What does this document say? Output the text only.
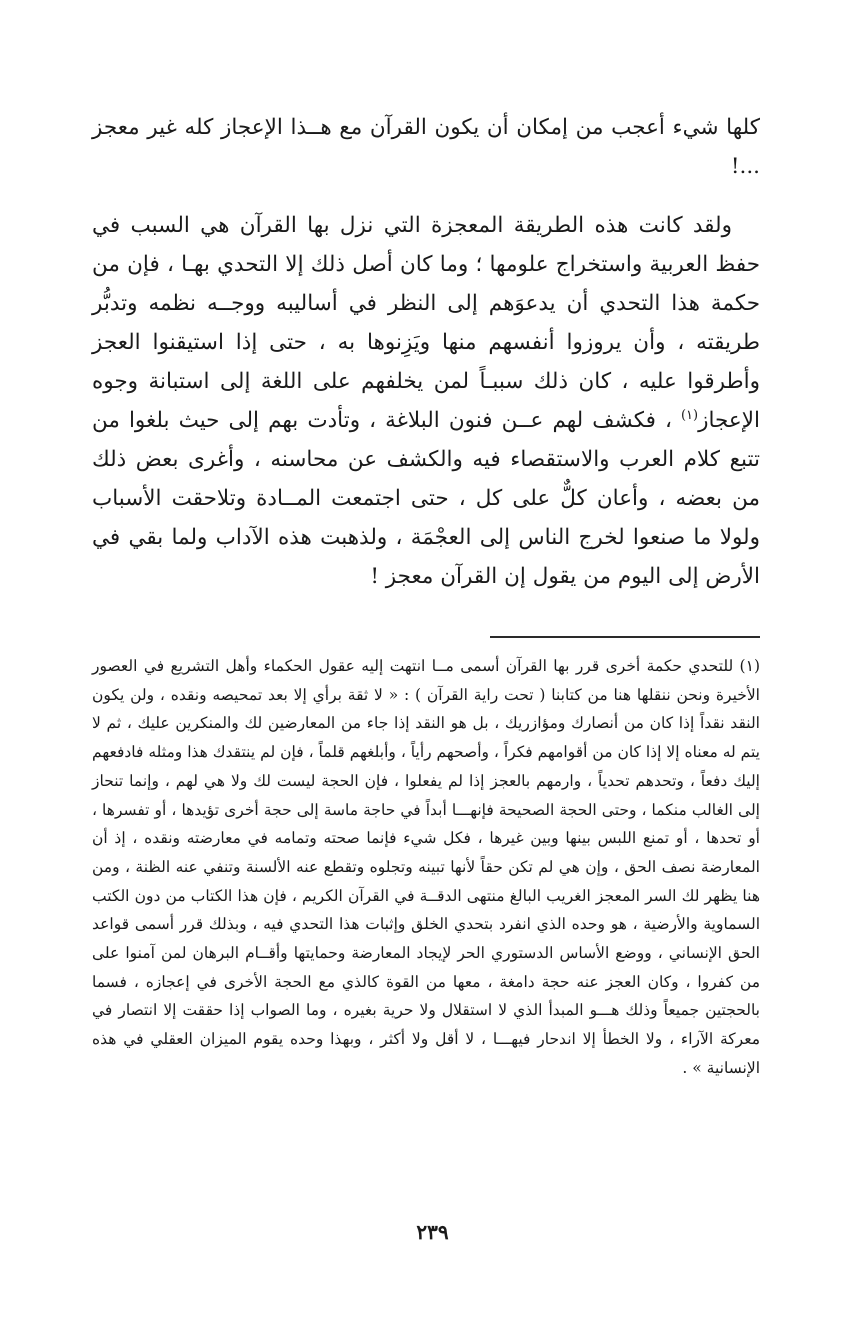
كلها شيء أعجب من إمكان أن يكون القرآن مع هــذا الإعجاز كله غير معجز ...!

ولقد كانت هذه الطريقة المعجزة التي نزل بها القرآن هي السبب في حفظ العربية واستخراج علومها ؛ وما كان أصل ذلك إلا التحدي بهـا ، فإن من حكمة هذا التحدي أن يدعوَهم إلى النظر في أساليبه ووجــه نظمه وتدبُّر طريقته ، وأن يروزوا أنفسهم منها ويَزِنوها به ، حتى إذا استيقنوا العجز وأطرقوا عليه ، كان ذلك سببـاً لمن يخلفهم على اللغة إلى استبانة وجوه الإعجاز$^{(١)}$ ، فكشف لهم عــن فنون البلاغة ، وتأدت بهم إلى حيث بلغوا من تتبع كلام العرب والاستقصاء فيه والكشف عن محاسنه ، وأغرى بعض ذلك من بعضه ، وأعان كلٌّ على كل ، حتى اجتمعت المــادة وتلاحقت الأسباب ولولا ما صنعوا لخرج الناس إلى العجْمَة ، ولذهبت هذه الآداب ولما بقي في الأرض إلى اليوم من يقول إن القرآن معجز !

(١) للتحدي حكمة أخرى قرر بها القرآن أسمى مــا انتهت إليه عقول الحكماء وأهل التشريع في العصور الأخيرة ونحن ننقلها هنا من كتابنا ( تحت راية القرآن ) : « لا ثقة برأي إلا بعد تمحيصه ونقده ، ولن يكون النقد نقداً إذا كان من أنصارك ومؤازريك ، بل هو النقد إذا جاء من المعارضين لك والمنكرين عليك ، ثم لا يتم له معناه إلا إذا كان من أقوامهم فكراً ، وأصحهم رأياً ، وأبلغهم قلماً ، فإن لم ينتقدك هذا ومثله فادفعهم إليك دفعاً ، وتحدهم تحدياً ، وارمهم بالعجز إذا لم يفعلوا ، فإن الحجة ليست لك ولا هي لهم ، وإنما تنحاز إلى الغالب منكما ، وحتى الحجة الصحيحة فإنهـــا أبداً في حاجة ماسة إلى حجة أخرى تؤيدها ، أو تفسرها ، أو تحدها ، أو تمنع اللبس بينها وبين غيرها ، فكل شيء فإنما صحته وتمامه في معارضته ونقده ، إذ أن المعارضة نصف الحق ، وإن هي لم تكن حقاً لأنها تبينه وتجلوه وتقطع عنه الألسنة وتنفي عنه الظنة ، ومن هنا يظهر لك السر المعجز الغريب البالغ منتهى الدقــة في القرآن الكريم ، فإن هذا الكتاب من دون الكتب السماوية والأرضية ، هو وحده الذي انفرد بتحدي الخلق وإثبات هذا التحدي فيه ، وبذلك قرر أسمى قواعد الحق الإنساني ، ووضع الأساس الدستوري الحر لإيجاد المعارضة وحمايتها وأقــام البرهان لمن آمنوا على من كفروا ، وكان العجز عنه حجة دامغة ، معها من القوة كالذي مع الحجة الأخرى في إعجازه ، فسما بالحجتين جميعاً وذلك هـــو المبدأ الذي لا استقلال ولا حرية بغيره ، وما الصواب إذا حققت إلا انتصار في معركة الآراء ، ولا الخطأ إلا اندحار فيهـــا ، لا أقل ولا أكثر ، وبهذا وحده يقوم الميزان العقلي في هذه الإنسانية » .

٢٣٩
